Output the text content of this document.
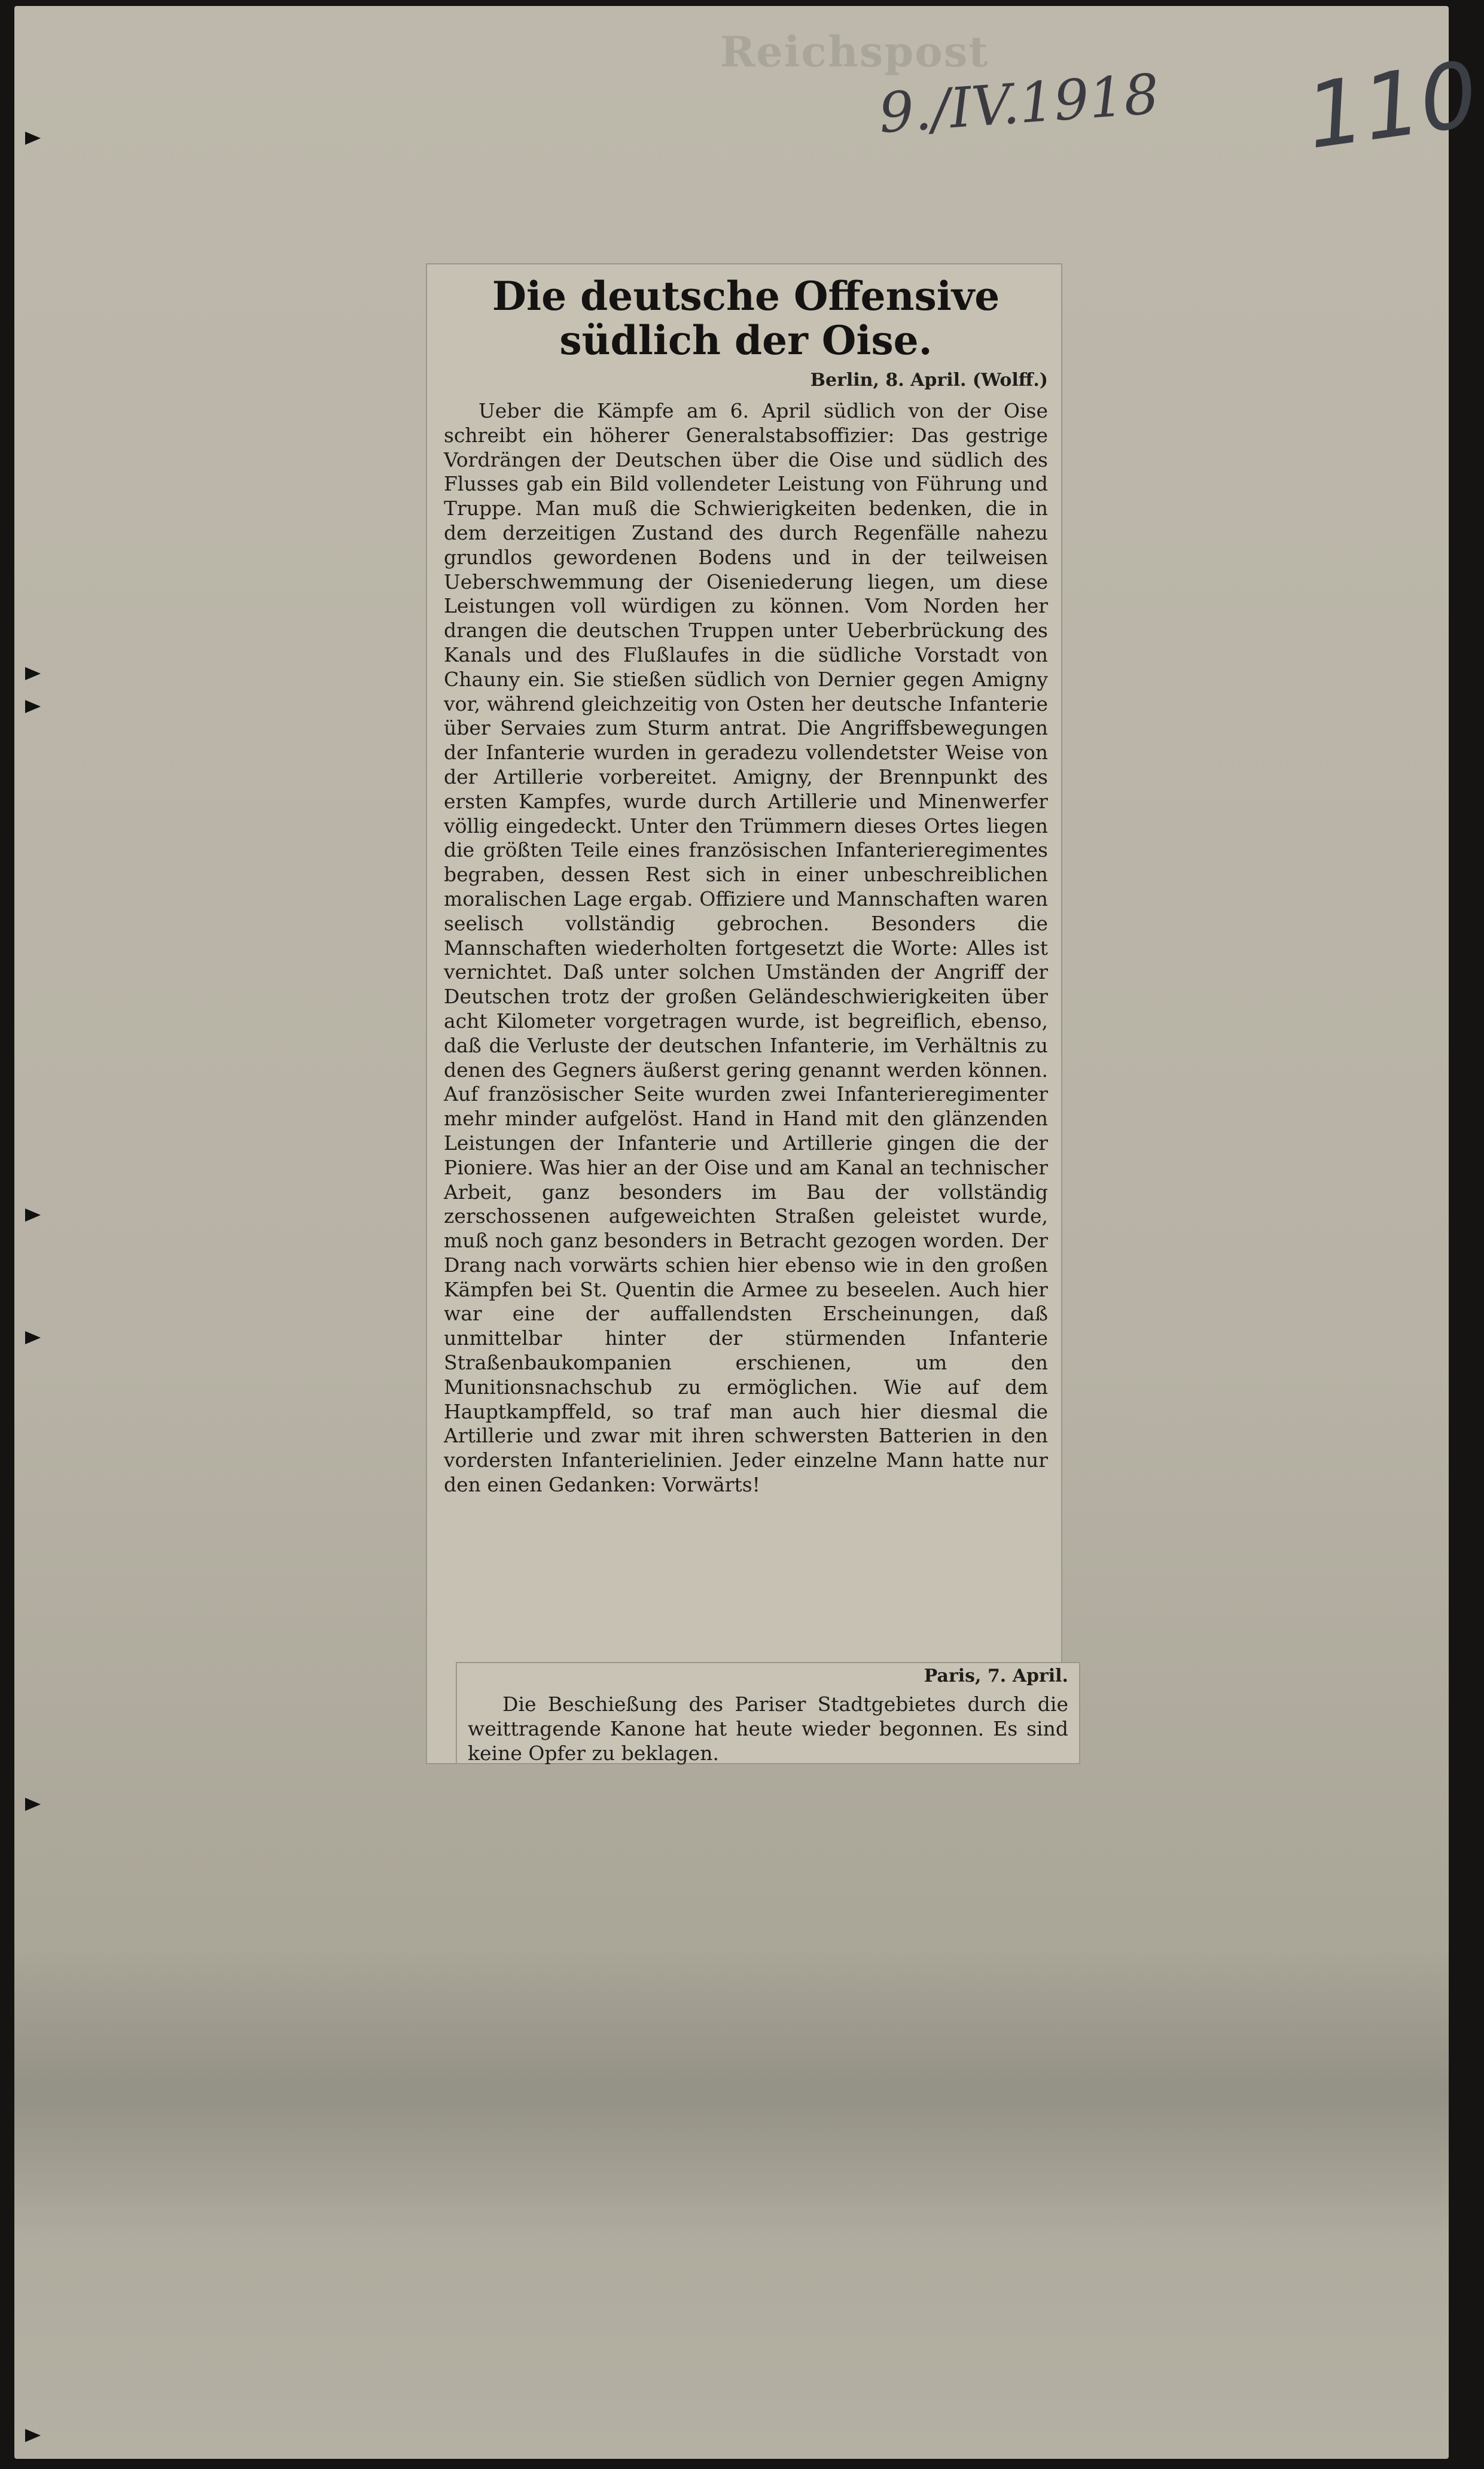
Reichspost
9./IV.1918 110
Die deutsche Offensive südlich der Oise.
Berlin, 8. April. (Wolff.)

Ueber die Kämpfe am 6. April südlich von der Oise schreibt ein höherer Generalstabsoffizier: Das gestrige Vordrängen der Deutschen über die Oise und südlich des Flusses gab ein Bild vollendeter Leistung von Führung und Truppe. Man muß die Schwierigkeiten bedenken, die in dem derzeitigen Zustand des durch Regenfälle nahezu grundlos gewordenen Bodens und in der teilweisen Ueberschwemmung der Oiseniederung liegen, um diese Leistungen voll würdigen zu können. Vom Norden her drangen die deutschen Truppen unter Ueberbrückung des Kanals und des Flußlaufes in die südliche Vorstadt von Chauny ein. Sie stießen südlich von Dernier gegen Amigny vor, während gleichzeitig von Osten her deutsche Infanterie über Servaies zum Sturm antrat. Die Angriffsbewegungen der Infanterie wurden in geradezu vollendetster Weise von der Artillerie vorbereitet. Amigny, der Brennpunkt des ersten Kampfes, wurde durch Artillerie und Minenwerfer völlig eingedeckt. Unter den Trümmern dieses Ortes liegen die größten Teile eines französischen Infanterieregimentes begraben, dessen Rest sich in einer unbeschreiblichen moralischen Lage ergab. Offiziere und Mannschaften waren seelisch vollständig gebrochen. Besonders die Mannschaften wiederholten fortgesetzt die Worte: Alles ist vernichtet. Daß unter solchen Umständen der Angriff der Deutschen trotz der großen Geländeschwierigkeiten über acht Kilometer vorgetragen wurde, ist begreiflich, ebenso, daß die Verluste der deutschen Infanterie, im Verhältnis zu denen des Gegners äußerst gering genannt werden können. Auf französischer Seite wurden zwei Infanterieregimenter mehr minder aufgelöst. Hand in Hand mit den glänzenden Leistungen der Infanterie und Artillerie gingen die der Pioniere. Was hier an der Oise und am Kanal an technischer Arbeit, ganz besonders im Bau der vollständig zerschossenen aufgeweichten Straßen geleistet wurde, muß noch ganz besonders in Betracht gezogen worden. Der Drang nach vorwärts schien hier ebenso wie in den großen Kämpfen bei St. Quentin die Armee zu beseelen. Auch hier war eine der auffallendsten Erscheinungen, daß unmittelbar hinter der stürmenden Infanterie Straßenbaukompanien erschienen, um den Munitionsnachschub zu ermöglichen. Wie auf dem Hauptkampffeld, so traf man auch hier diesmal die Artillerie und zwar mit ihren schwersten Batterien in den vordersten Infanterielinien. Jeder einzelne Mann hatte nur den einen Gedanken: Vorwärts!

Paris, 7. April.

Die Beschießung des Pariser Stadtgebietes durch die weittragende Kanone hat heute wieder begonnen. Es sind keine Opfer zu beklagen.
